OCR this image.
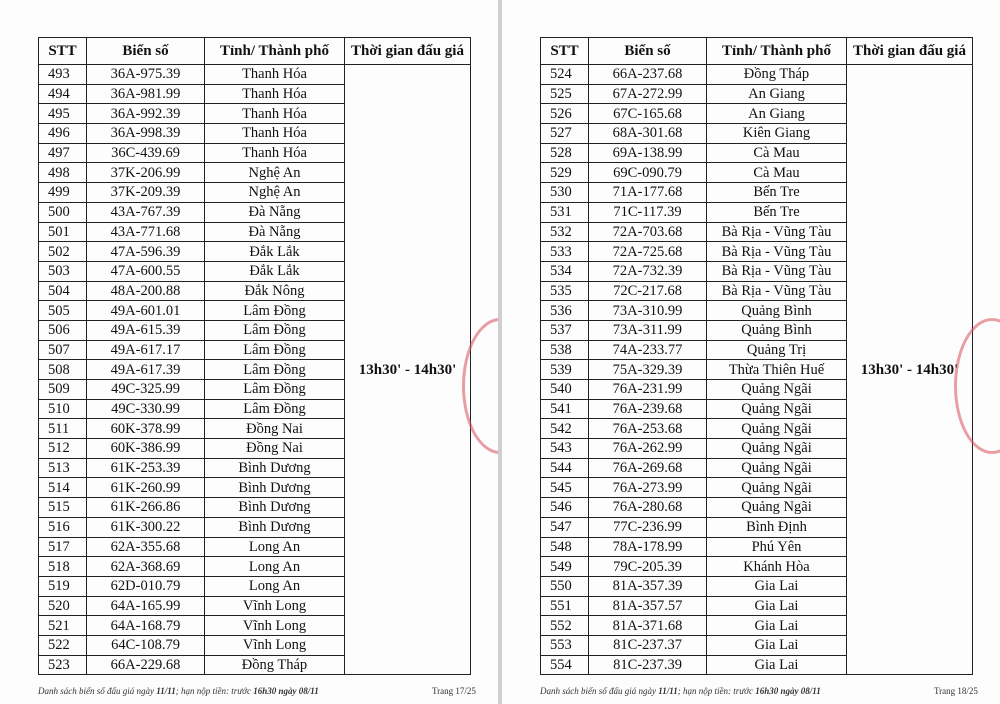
STT	Biển số	Tỉnh/ Thành phố	Thời gian đấu giá
493	36A-975.39	Thanh Hóa	13h30' - 14h30'
494	36A-981.99	Thanh Hóa	
495	36A-992.39	Thanh Hóa	
496	36A-998.39	Thanh Hóa	
497	36C-439.69	Thanh Hóa	
498	37K-206.99	Nghệ An	
499	37K-209.39	Nghệ An	
500	43A-767.39	Đà Nẵng	
501	43A-771.68	Đà Nẵng	
502	47A-596.39	Đắk Lắk	
503	47A-600.55	Đắk Lắk	
504	48A-200.88	Đắk Nông	
505	49A-601.01	Lâm Đồng	
506	49A-615.39	Lâm Đồng	
507	49A-617.17	Lâm Đồng	
508	49A-617.39	Lâm Đồng	
509	49C-325.99	Lâm Đồng	
510	49C-330.99	Lâm Đồng	
511	60K-378.99	Đồng Nai	
512	60K-386.99	Đồng Nai	
513	61K-253.39	Bình Dương	
514	61K-260.99	Bình Dương	
515	61K-266.86	Bình Dương	
516	61K-300.22	Bình Dương	
517	62A-355.68	Long An	
518	62A-368.69	Long An	
519	62D-010.79	Long An	
520	64A-165.99	Vĩnh Long	
521	64A-168.79	Vĩnh Long	
522	64C-108.79	Vĩnh Long	
523	66A-229.68	Đồng Tháp	
Danh sách biển số đấu giá ngày 11/11; hạn nộp tiền: trước 16h30 ngày 08/11	Trang 17/25
STT	Biển số	Tỉnh/ Thành phố	Thời gian đấu giá
524	66A-237.68	Đồng Tháp	13h30' - 14h30'
525	67A-272.99	An Giang	
526	67C-165.68	An Giang	
527	68A-301.68	Kiên Giang	
528	69A-138.99	Cà Mau	
529	69C-090.79	Cà Mau	
530	71A-177.68	Bến Tre	
531	71C-117.39	Bến Tre	
532	72A-703.68	Bà Rịa - Vũng Tàu	
533	72A-725.68	Bà Rịa - Vũng Tàu	
534	72A-732.39	Bà Rịa - Vũng Tàu	
535	72C-217.68	Bà Rịa - Vũng Tàu	
536	73A-310.99	Quảng Bình	
537	73A-311.99	Quảng Bình	
538	74A-233.77	Quảng Trị	
539	75A-329.39	Thừa Thiên Huế	
540	76A-231.99	Quảng Ngãi	
541	76A-239.68	Quảng Ngãi	
542	76A-253.68	Quảng Ngãi	
543	76A-262.99	Quảng Ngãi	
544	76A-269.68	Quảng Ngãi	
545	76A-273.99	Quảng Ngãi	
546	76A-280.68	Quảng Ngãi	
547	77C-236.99	Bình Định	
548	78A-178.99	Phú Yên	
549	79C-205.39	Khánh Hòa	
550	81A-357.39	Gia Lai	
551	81A-357.57	Gia Lai	
552	81A-371.68	Gia Lai	
553	81C-237.37	Gia Lai	
554	81C-237.39	Gia Lai	
Danh sách biển số đấu giá ngày 11/11; hạn nộp tiền: trước 16h30 ngày 08/11	Trang 18/25
